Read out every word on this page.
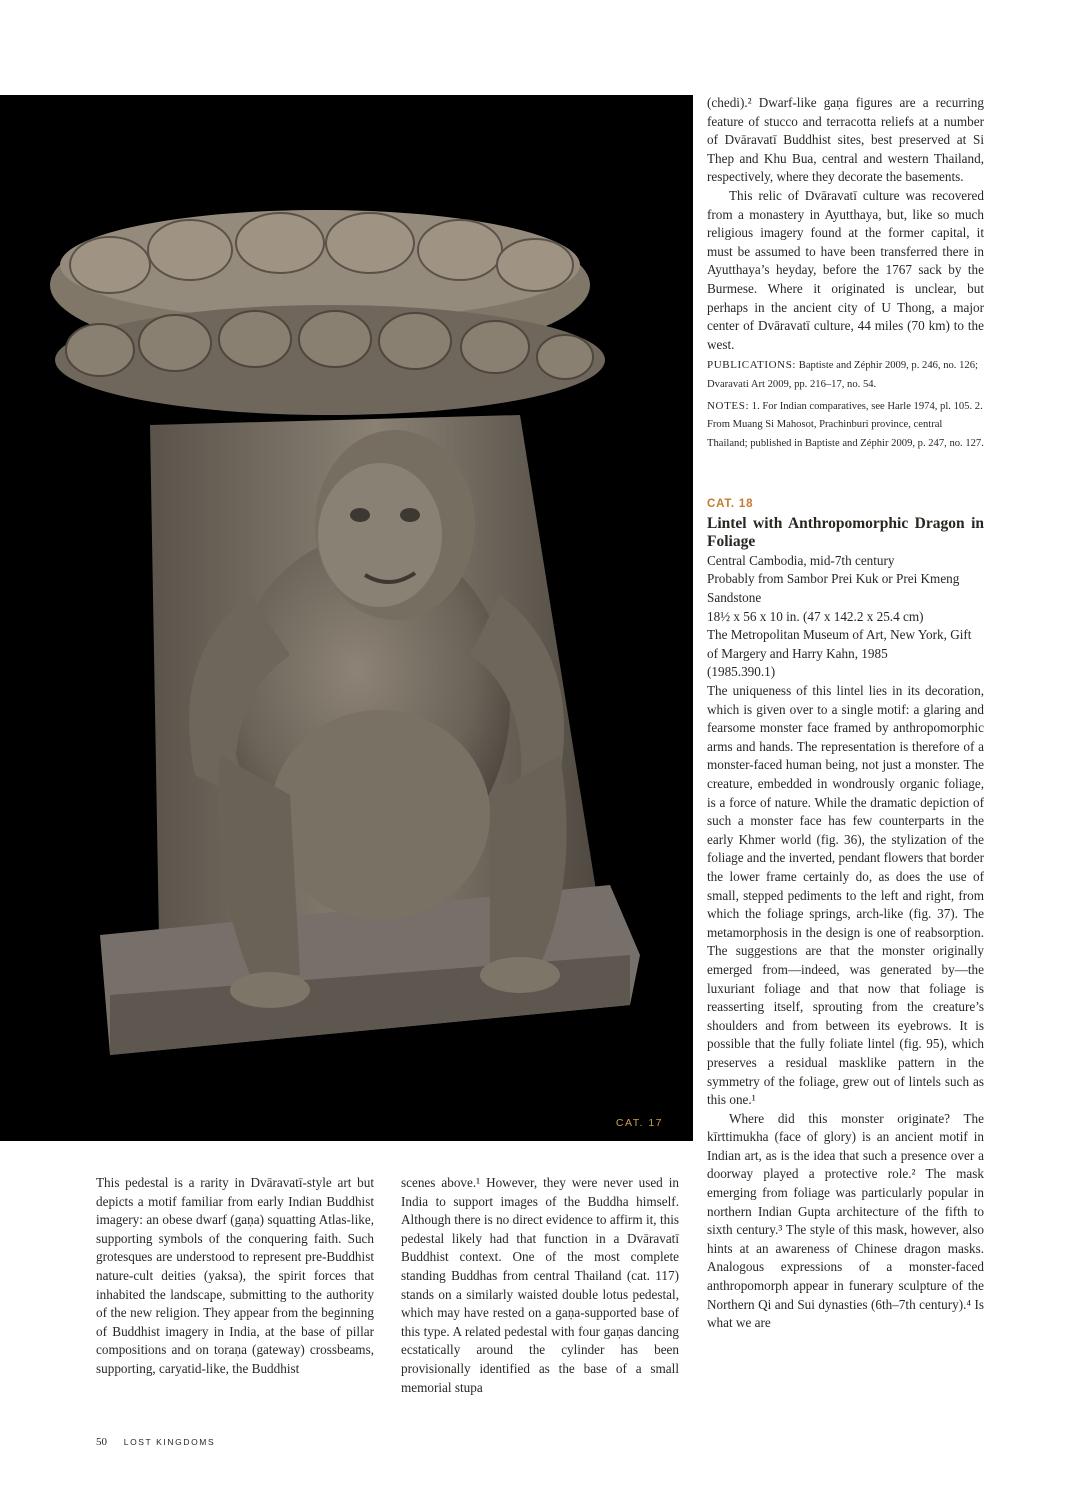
CAT. 17

(chedi).² Dwarf-like gaṇa figures are a recurring feature of stucco and terracotta reliefs at a number of Dvāravatī Buddhist sites, best preserved at Si Thep and Khu Bua, central and western Thailand, respectively, where they decorate the basements.

This relic of Dvāravatī culture was recovered from a monastery in Ayutthaya, but, like so much religious imagery found at the former capital, it must be assumed to have been transferred there in Ayutthaya’s heyday, before the 1767 sack by the Burmese. Where it originated is unclear, but perhaps in the ancient city of U Thong, a major center of Dvāravatī culture, 44 miles (70 km) to the west.

PUBLICATIONS: Baptiste and Zéphir 2009, p. 246, no. 126; Dvaravati Art 2009, pp. 216–17, no. 54.
NOTES: 1. For Indian comparatives, see Harle 1974, pl. 105. 2. From Muang Si Mahosot, Prachinburi province, central Thailand; published in Baptiste and Zéphir 2009, p. 247, no. 127.
CAT. 18
Lintel with Anthropomorphic Dragon in Foliage
Central Cambodia, mid-7th century
Probably from Sambor Prei Kuk or Prei Kmeng
Sandstone
18½ x 56 x 10 in. (47 x 142.2 x 25.4 cm)
The Metropolitan Museum of Art, New York, Gift of Margery and Harry Kahn, 1985
(1985.390.1)

The uniqueness of this lintel lies in its decoration, which is given over to a single motif: a glaring and fearsome monster face framed by anthropomorphic arms and hands. The representation is therefore of a monster-faced human being, not just a monster. The creature, embedded in wondrously organic foliage, is a force of nature. While the dramatic depiction of such a monster face has few counterparts in the early Khmer world (fig. 36), the stylization of the foliage and the inverted, pendant flowers that border the lower frame certainly do, as does the use of small, stepped pediments to the left and right, from which the foliage springs, arch-like (fig. 37). The metamorphosis in the design is one of reabsorption. The suggestions are that the monster originally emerged from—indeed, was generated by—the luxuriant foliage and that now that foliage is reasserting itself, sprouting from the creature’s shoulders and from between its eyebrows. It is possible that the fully foliate lintel (fig. 95), which preserves a residual masklike pattern in the symmetry of the foliage, grew out of lintels such as this one.¹

Where did this monster originate? The kīrttimukha (face of glory) is an ancient motif in Indian art, as is the idea that such a presence over a doorway played a protective role.² The mask emerging from foliage was particularly popular in northern Indian Gupta architecture of the fifth to sixth century.³ The style of this mask, however, also hints at an awareness of Chinese dragon masks. Analogous expressions of a monster-faced anthropomorph appear in funerary sculpture of the Northern Qi and Sui dynasties (6th–7th century).⁴ Is what we are

This pedestal is a rarity in Dvāravatī-style art but depicts a motif familiar from early Indian Buddhist imagery: an obese dwarf (gaṇa) squatting Atlas-like, supporting symbols of the conquering faith. Such grotesques are understood to represent pre-Buddhist nature-cult deities (yaksa), the spirit forces that inhabited the landscape, submitting to the authority of the new religion. They appear from the beginning of Buddhist imagery in India, at the base of pillar compositions and on toraṇa (gateway) crossbeams, supporting, caryatid-like, the Buddhist

scenes above.¹ However, they were never used in India to support images of the Buddha himself. Although there is no direct evidence to affirm it, this pedestal likely had that function in a Dvāravatī Buddhist context. One of the most complete standing Buddhas from central Thailand (cat. 117) stands on a similarly waisted double lotus pedestal, which may have rested on a gaṇa-supported base of this type. A related pedestal with four gaṇas dancing ecstatically around the cylinder has been provisionally identified as the base of a small memorial stupa

50 LOST KINGDOMS
